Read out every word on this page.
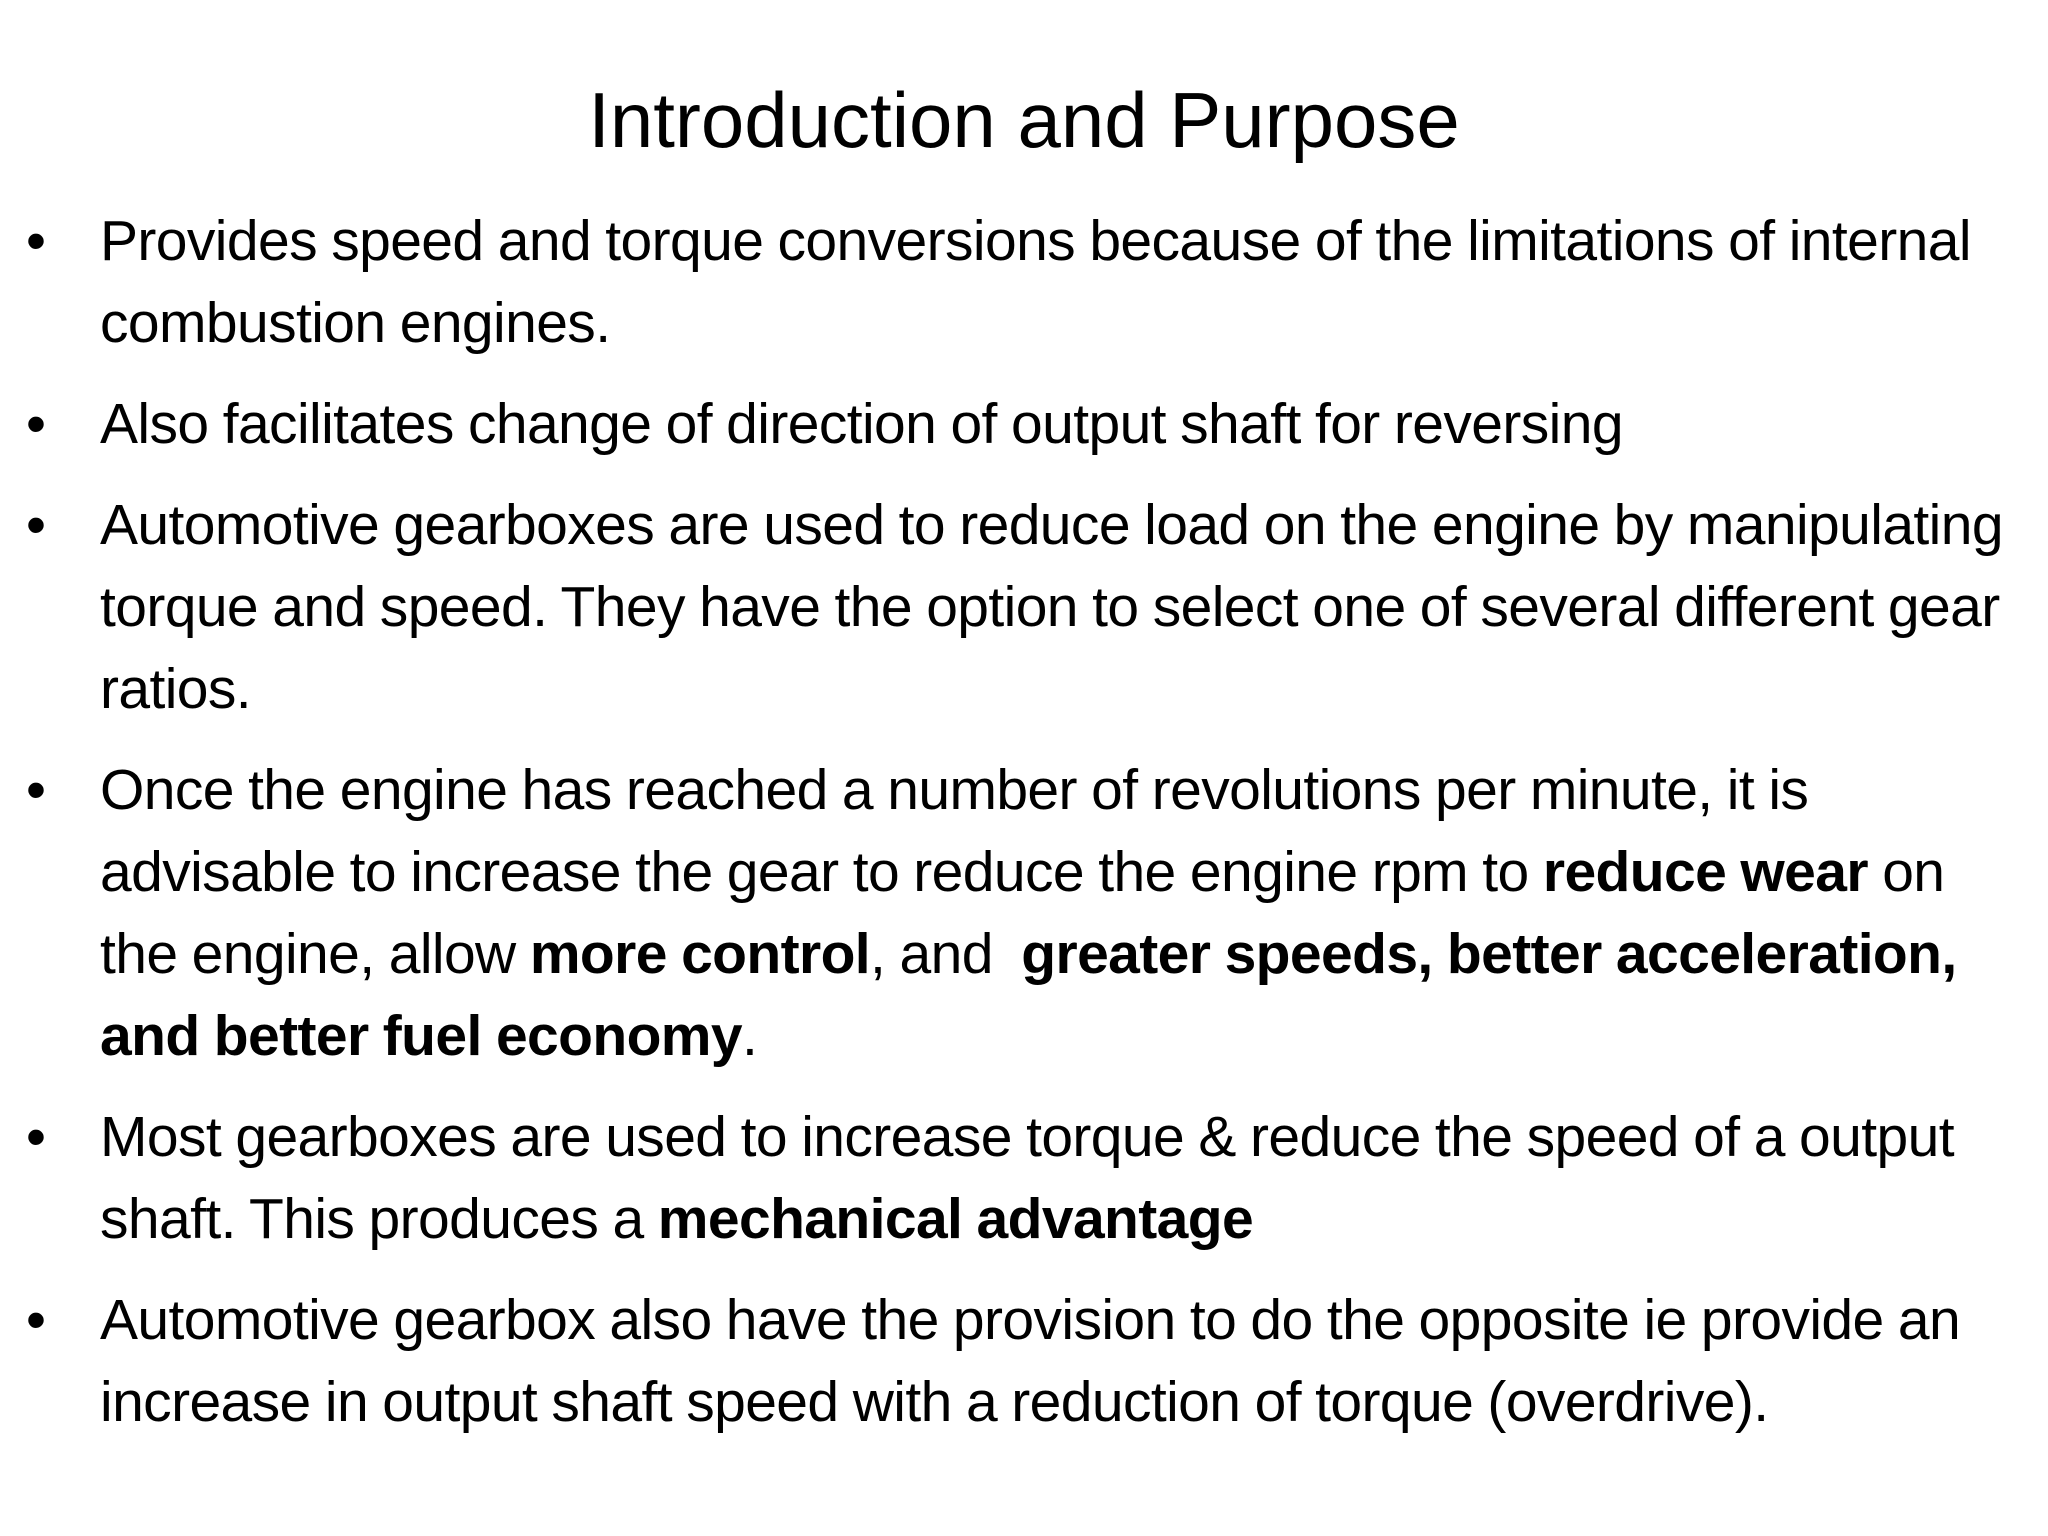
Introduction and Purpose
• Provides speed and torque conversions because of the limitations of internal combustion engines.
• Also facilitates change of direction of output shaft for reversing
• Automotive gearboxes are used to reduce load on the engine by manipulating torque and speed. They have the option to select one of several different gear ratios.
• Once the engine has reached a number of revolutions per minute, it is advisable to increase the gear to reduce the engine rpm to reduce wear on the engine, allow more control, and  greater speeds, better acceleration, and better fuel economy.
• Most gearboxes are used to increase torque & reduce the speed of a output shaft. This produces a mechanical advantage
• Automotive gearbox also have the provision to do the opposite ie provide an increase in output shaft speed with a reduction of torque (overdrive).
